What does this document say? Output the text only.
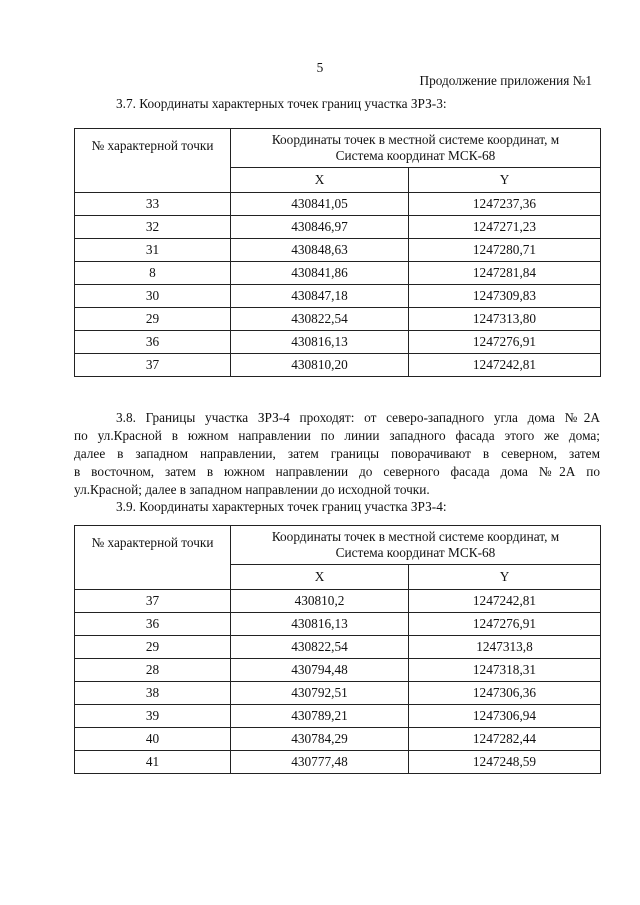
5
Продолжение приложения №1
3.7. Координаты характерных точек границ участка ЗРЗ-3:
№ характерной точки	Координаты точек в местной системе координат, м
Система координат МСК-68	
	X	Y
33	430841,05	1247237,36
32	430846,97	1247271,23
31	430848,63	1247280,71
8	430841,86	1247281,84
30	430847,18	1247309,83
29	430822,54	1247313,80
36	430816,13	1247276,91
37	430810,20	1247242,81
3.8. Границы участка ЗРЗ-4 проходят: от северо-западного угла дома №2А
по ул.Красной в южном направлении по линии западного фасада этого же дома;
далее в западном направлении, затем границы поворачивают в северном, затем
в восточном, затем в южном направлении до северного фасада дома №2А по
ул.Красной; далее в западном направлении до исходной точки.
3.9. Координаты характерных точек границ участка ЗРЗ-4:
№ характерной точки	Координаты точек в местной системе координат, м
Система координат МСК-68	
	X	Y
37	430810,2	1247242,81
36	430816,13	1247276,91
29	430822,54	1247313,8
28	430794,48	1247318,31
38	430792,51	1247306,36
39	430789,21	1247306,94
40	430784,29	1247282,44
41	430777,48	1247248,59
